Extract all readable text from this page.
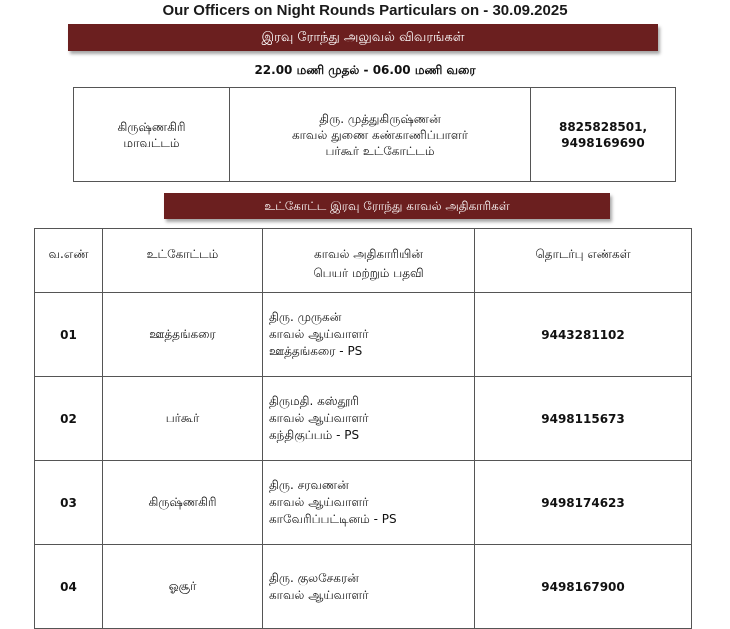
Our Officers on Night Rounds Particulars on - 30.09.2025
இரவு ரோந்து அலுவல் விவரங்கள்
22.00 மணி முதல் - 06.00 மணி வரை
கிருஷ்ணகிரி
மாவட்டம்

திரு. முத்துகிருஷ்ணன்
காவல் துணை கண்காணிப்பாளர்
பர்கூர் உட்கோட்டம்

8825828501,
9498169690
உட்கோட்ட இரவு ரோந்து காவல் அதிகாரிகள்
வ.எண்	உட்கோட்டம்	காவல் அதிகாரியின்
பெயர் மற்றும் பதவி	தொடர்பு எண்கள்
01	ஊத்தங்கரை	திரு. முருகன்
காவல் ஆய்வாளர்
ஊத்தங்கரை - PS	9443281102
02	பர்கூர்	திருமதி. கஸ்தூரி
காவல் ஆய்வாளர்
கந்திகுப்பம் - PS	9498115673
03	கிருஷ்ணகிரி	திரு. சரவணன்
காவல் ஆய்வாளர்
காவேரிப்பட்டினம் - PS	9498174623
04	ஓசூர்	திரு. குலசேகரன்
காவல் ஆய்வாளர்	9498167900
